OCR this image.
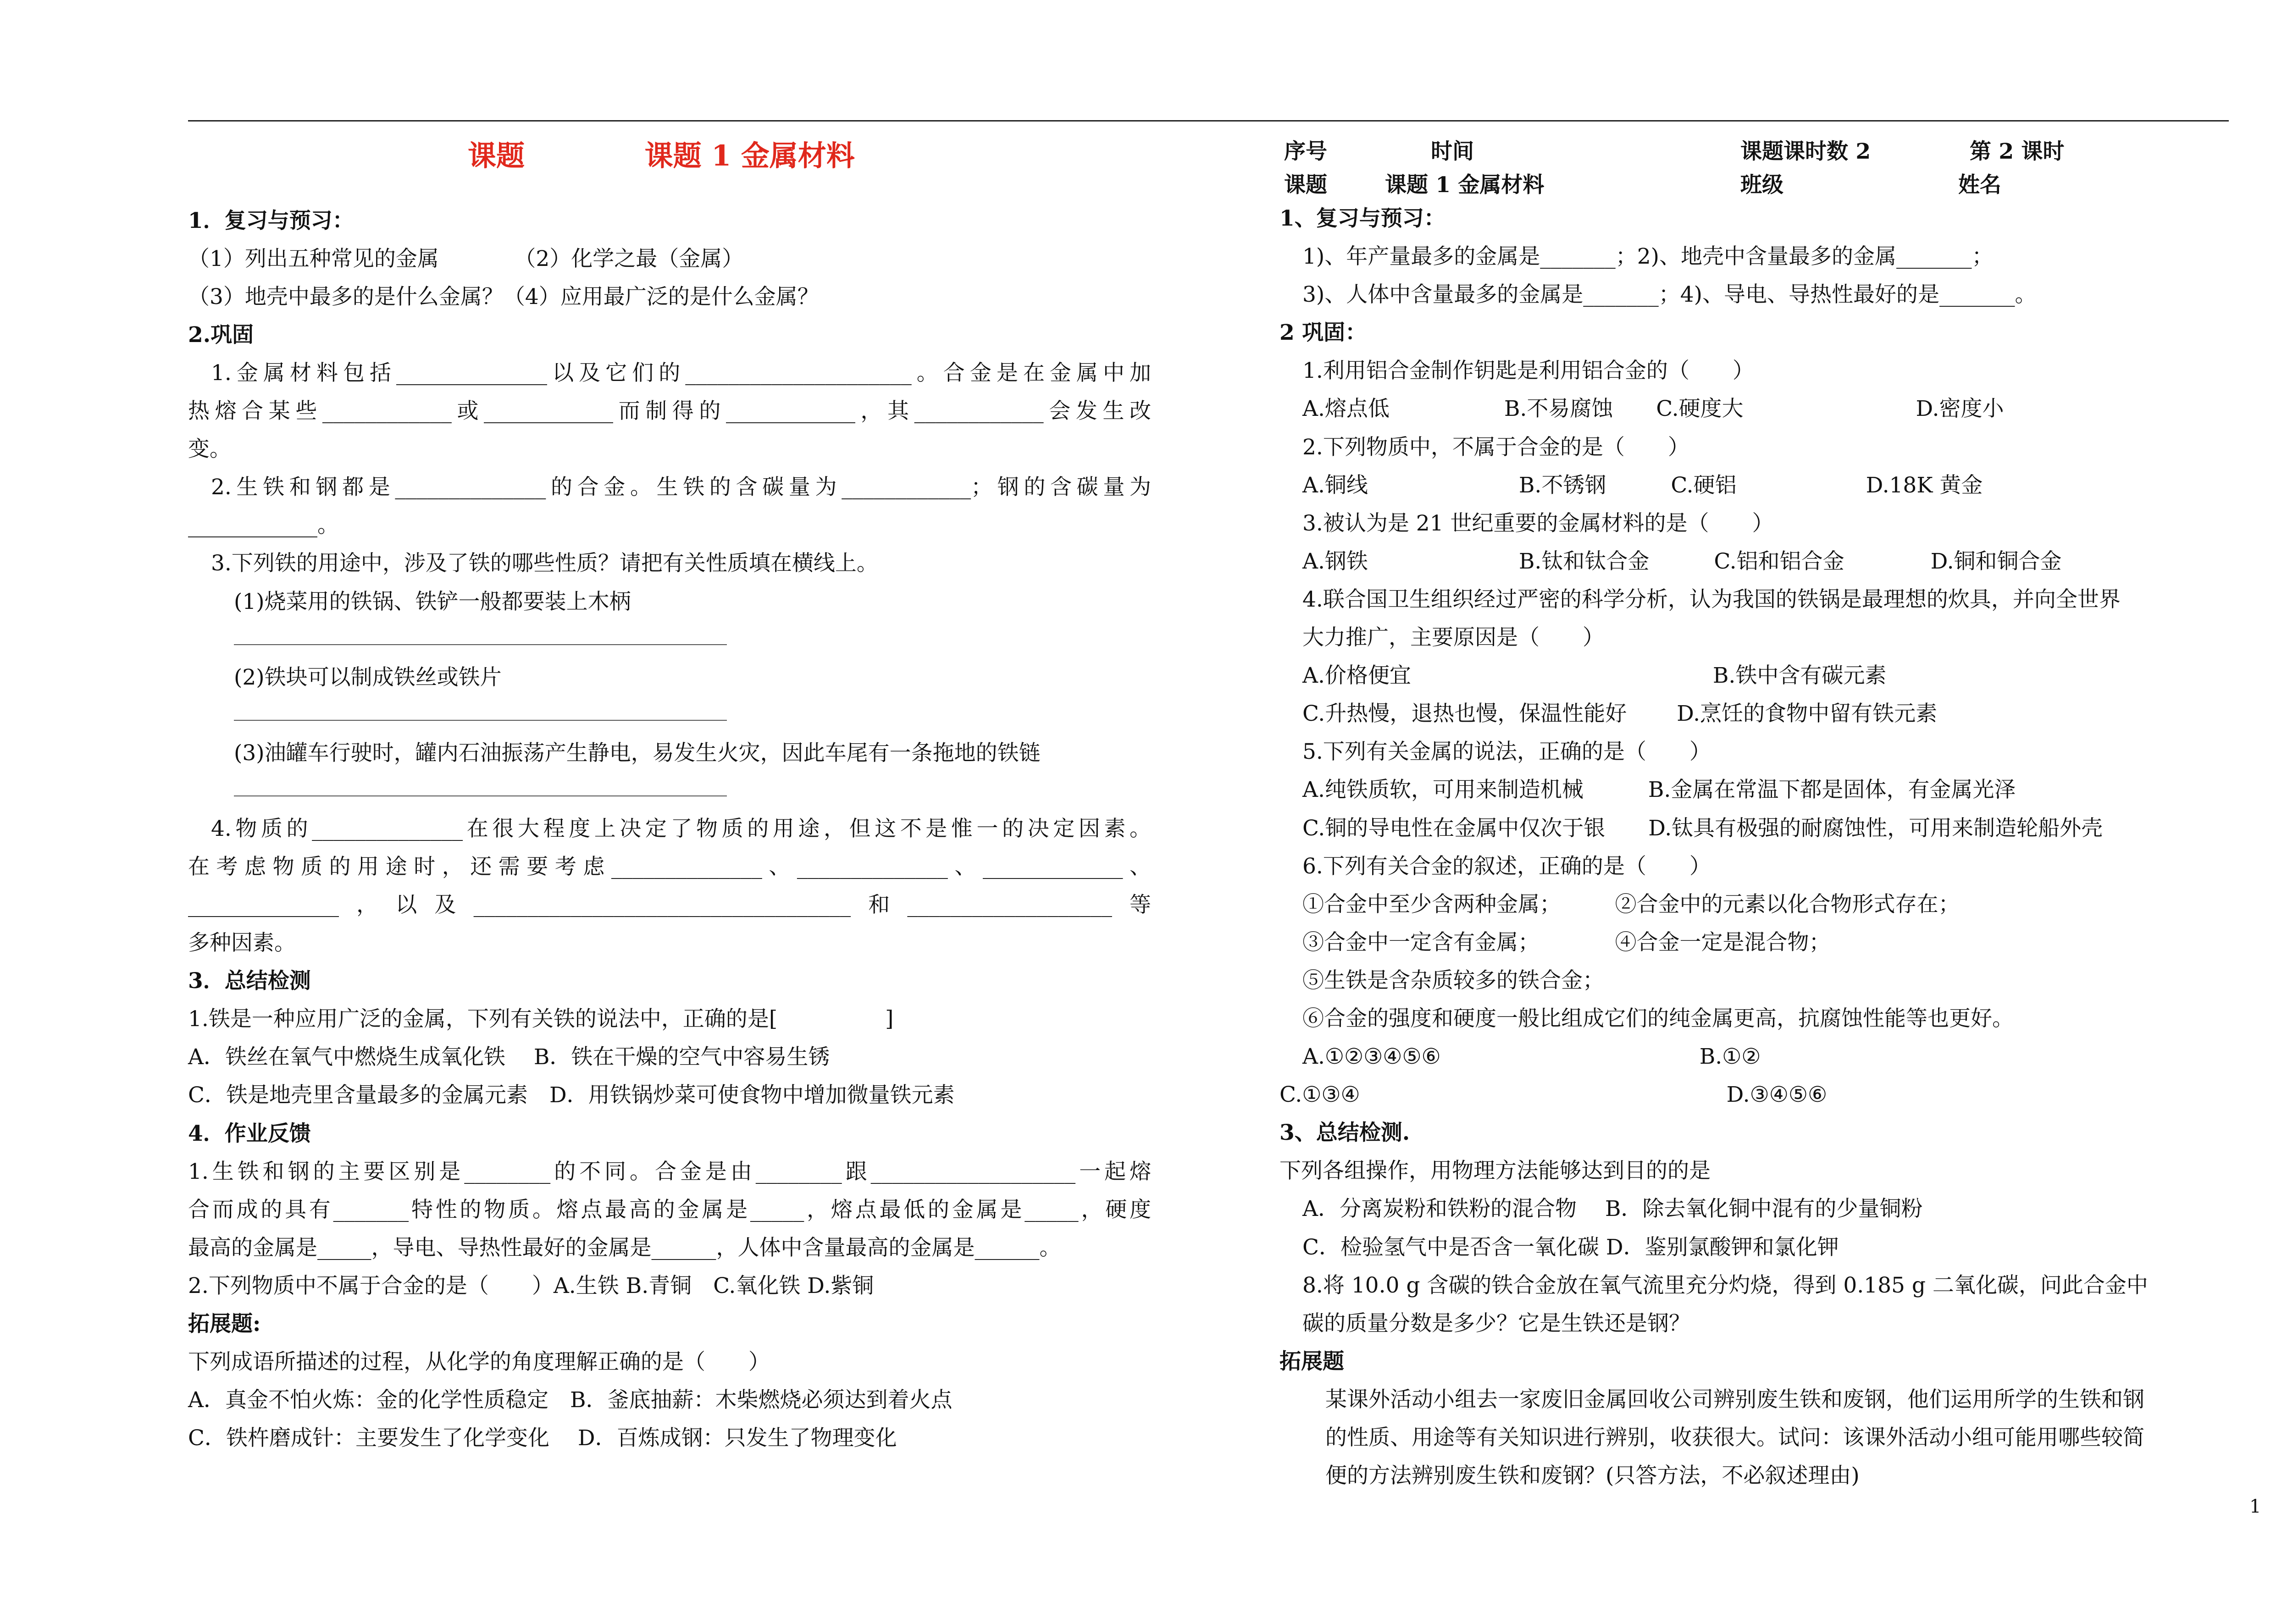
课题	课题 1 金属材料
1．复习与预习：
（1）列出五种常见的金属　　　　（2）化学之最（金属）
（3）地壳中最多的是什么金属？（4）应用最广泛的是什么金属？
2.巩固
1.金属材料包括______________以及它们的_____________________。合金是在金属中加
热熔合某些____________或____________而制得的____________，其____________会发生改
变。
2.生铁和钢都是______________的合金。生铁的含碳量为____________；钢的含碳量为
____________。
3.下列铁的用途中，涉及了铁的哪些性质？请把有关性质填在横线上。
(1)烧菜用的铁锅、铁铲一般都要装上木柄
(2)铁块可以制成铁丝或铁片
(3)油罐车行驶时，罐内石油振荡产生静电，易发生火灾，因此车尾有一条拖地的铁链
4.物质的______________在很大程度上决定了物质的用途，但这不是惟一的决定因素。
在考虑物质的用途时，还需要考虑______________、______________、_____________、
______________，以及___________________________________和___________________等
多种因素。
3．总结检测
1.铁是一种应用广泛的金属，下列有关铁的说法中，正确的是[　　　　　]
A．铁丝在氧气中燃烧生成氧化铁　 B．铁在干燥的空气中容易生锈
C．铁是地壳里含量最多的金属元素　D．用铁锅炒菜可使食物中增加微量铁元素
4．作业反馈
1.生铁和钢的主要区别是________的不同。合金是由________跟___________________一起熔
合而成的具有_______特性的物质。熔点最高的金属是_____，熔点最低的金属是_____，硬度
最高的金属是_____，导电、导热性最好的金属是______，人体中含量最高的金属是______。
2.下列物质中不属于合金的是（　　）A.生铁 B.青铜　C.氧化铁 D.紫铜
拓展题:
下列成语所描述的过程，从化学的角度理解正确的是（　　）
A．真金不怕火炼：金的化学性质稳定　B．釜底抽薪：木柴燃烧必须达到着火点
C．铁杵磨成针：主要发生了化学变化　 D．百炼成钢：只发生了物理变化
序号	时间	课题课时数 2	第 2 课时
课题	课题 1 金属材料	班级	姓名
1、复习与预习：
1)、年产量最多的金属是_______；2)、地壳中含量最多的金属_______；
3)、人体中含量最多的金属是_______；4)、导电、导热性最好的是_______。
2 巩固：
1.利用铝合金制作钥匙是利用铝合金的（　　）
A.熔点低　　　　　 B.不易腐蚀　　C.硬度大　　　　　　　　D.密度小
2.下列物质中，不属于合金的是（　　）
A.铜线　　　　　　　B.不锈钢　　　C.硬铝　　　　　　D.18K 黄金
3.被认为是 21 世纪重要的金属材料的是（　　）
A.钢铁　　　　　　　B.钛和钛合金　　　C.铝和铝合金　　　　D.铜和铜合金
4.联合国卫生组织经过严密的科学分析，认为我国的铁锅是最理想的炊具，并向全世界
大力推广，主要原因是（　　）
A.价格便宜　　　　　　　　　　　　　　B.铁中含有碳元素
C.升热慢，退热也慢，保温性能好　　 D.烹饪的食物中留有铁元素
5.下列有关金属的说法，正确的是（　　）
A.纯铁质软，可用来制造机械　　　B.金属在常温下都是固体，有金属光泽
C.铜的导电性在金属中仅次于银　　D.钛具有极强的耐腐蚀性，可用来制造轮船外壳
6.下列有关合金的叙述，正确的是（　　）
①合金中至少含两种金属；　　　②合金中的元素以化合物形式存在；
③合金中一定含有金属；　　　　④合金一定是混合物；
⑤生铁是含杂质较多的铁合金；
⑥合金的强度和硬度一般比组成它们的纯金属更高，抗腐蚀性能等也更好。
A.①②③④⑤⑥　　　　　　　　　　　　B.①②
C.①③④　　　　　　　　　　　　　　　　　D.③④⑤⑥
3、总结检测.
下列各组操作，用物理方法能够达到目的的是
A．分离炭粉和铁粉的混合物　 B．除去氧化铜中混有的少量铜粉
C．检验氢气中是否含一氧化碳 D．鉴别氯酸钾和氯化钾
8.将 10.0 g 含碳的铁合金放在氧气流里充分灼烧，得到 0.185 g 二氧化碳，问此合金中
碳的质量分数是多少？它是生铁还是钢？
拓展题
某课外活动小组去一家废旧金属回收公司辨别废生铁和废钢，他们运用所学的生铁和钢
的性质、用途等有关知识进行辨别，收获很大。试问：该课外活动小组可能用哪些较简
便的方法辨别废生铁和废钢？(只答方法，不必叙述理由)
1
